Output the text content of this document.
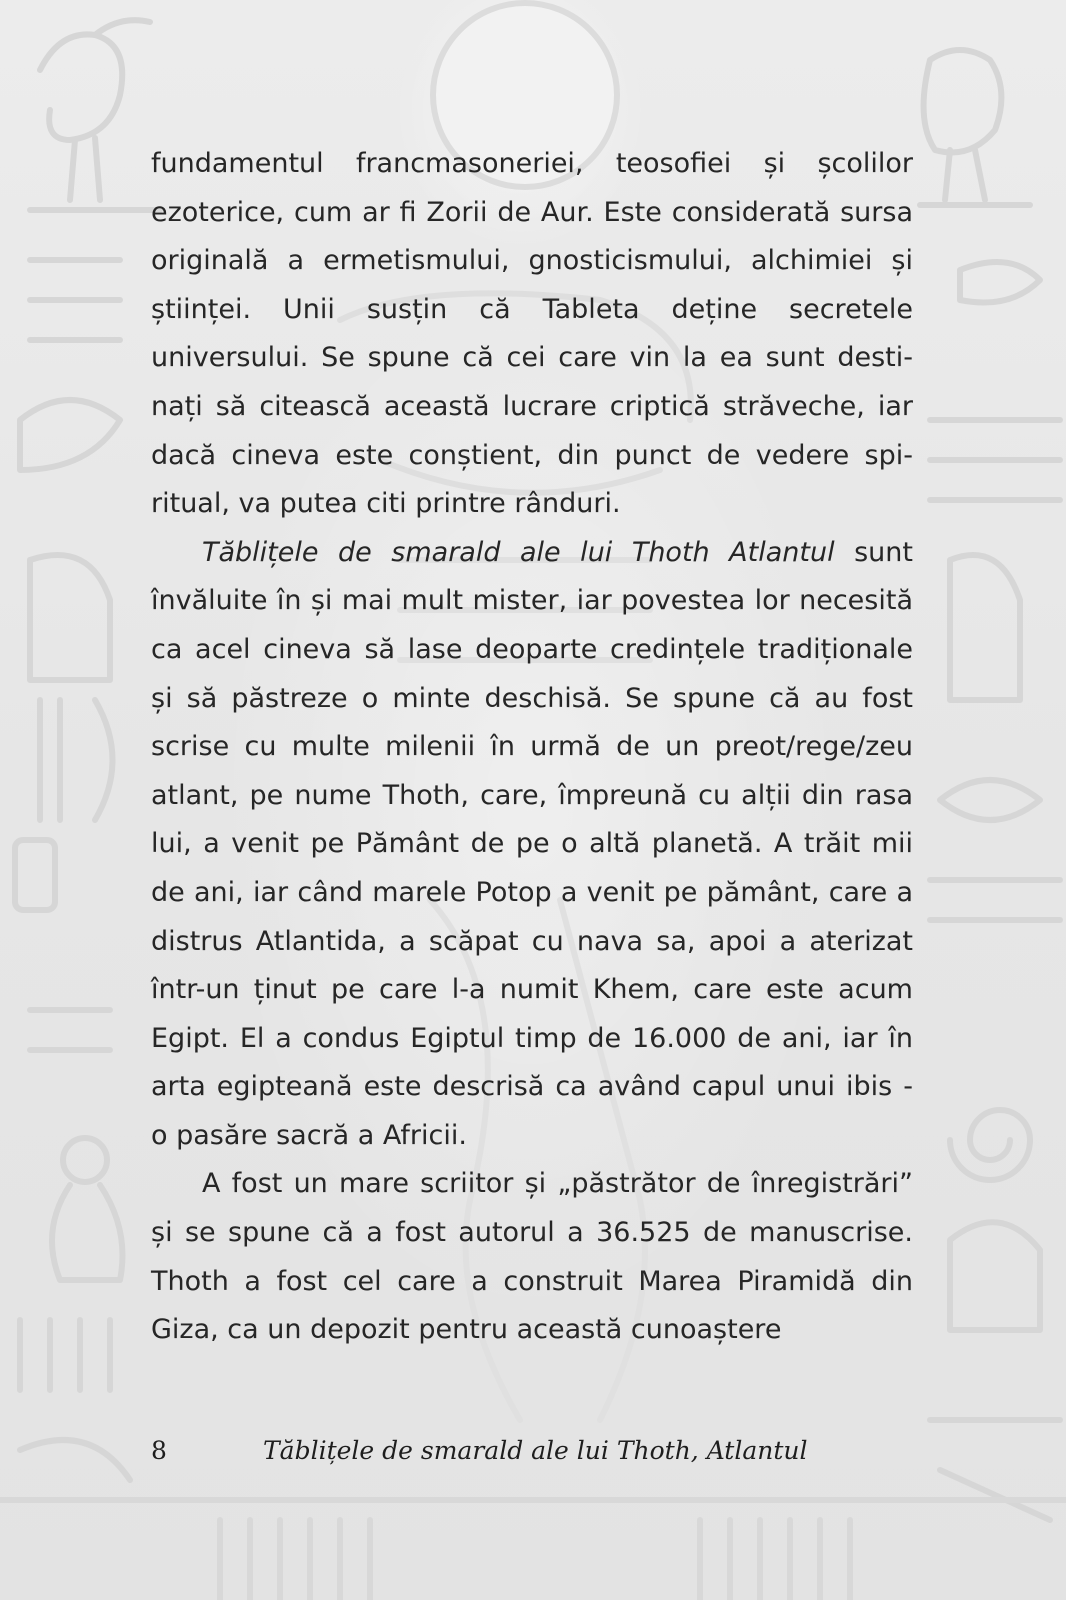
fundamentul francmasoneriei, teosofiei și școlilor ezoterice, cum ar fi Zorii de Aur. Este considerată sursa originală a ermetismului, gnosticismului, alchimiei și științei. Unii susțin că Tableta deține secretele universului. Se spune că cei care vin la ea sunt destinați să citească această lucrare criptică străveche, iar dacă cineva este conștient, din punct de vedere spiritual, va putea citi printre rânduri.

Tăblițele de smarald ale lui Thoth Atlantul sunt învăluite în și mai mult mister, iar povestea lor necesită ca acel cineva să lase deoparte credințele tradiționale și să păstreze o minte deschisă. Se spune că au fost scrise cu multe milenii în urmă de un preot/rege/zeu atlant, pe nume Thoth, care, împreună cu alții din rasa lui, a venit pe Pământ de pe o altă planetă. A trăit mii de ani, iar când marele Potop a venit pe pământ, care a distrus Atlantida, a scăpat cu nava sa, apoi a aterizat într-un ținut pe care l-a numit Khem, care este acum Egipt. El a condus Egiptul timp de 16.000 de ani, iar în arta egipteană este descrisă ca având capul unui ibis - o pasăre sacră a Africii.

A fost un mare scriitor și „păstrător de înregistrări” și se spune că a fost autorul a 36.525 de manuscrise. Thoth a fost cel care a construit Marea Piramidă din Giza, ca un depozit pentru această cunoaștere

8	Tăblițele de smarald ale lui Thoth, Atlantul
